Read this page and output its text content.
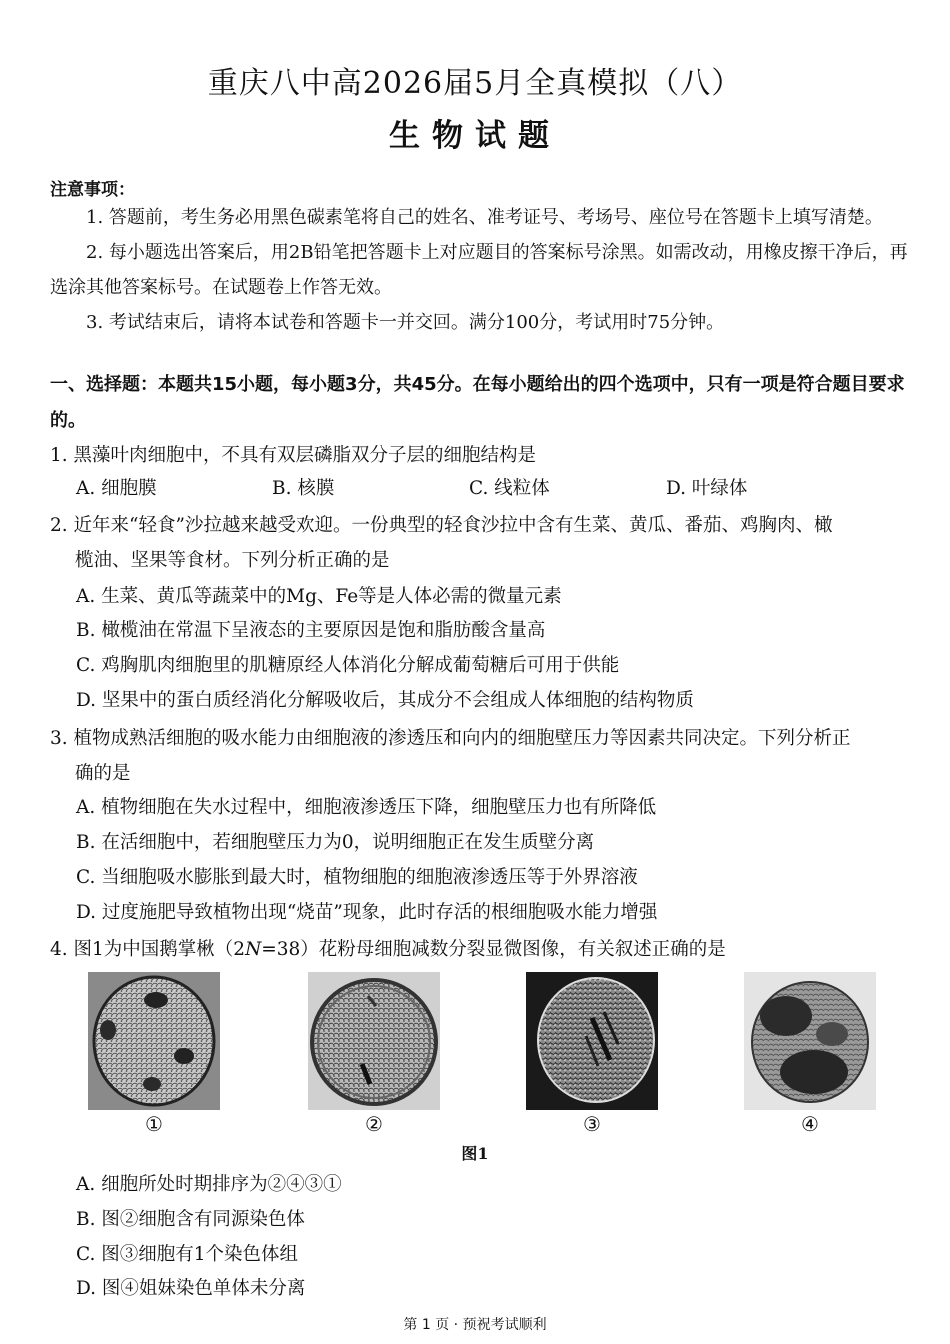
重庆八中高2026届5月全真模拟（八）
生物试题
注意事项：
1. 答题前，考生务必用黑色碳素笔将自己的姓名、准考证号、考场号、座位号在答题卡上填写清楚。
2. 每小题选出答案后，用2B铅笔把答题卡上对应题目的答案标号涂黑。如需改动，用橡皮擦干净后，再选涂其他答案标号。在试题卷上作答无效。
3. 考试结束后，请将本试卷和答题卡一并交回。满分100分，考试用时75分钟。
一、选择题：本题共15小题，每小题3分，共45分。在每小题给出的四个选项中，只有一项是符合题目要求的。
1. 黑藻叶肉细胞中，不具有双层磷脂双分子层的细胞结构是
A. 细胞膜	B. 核膜	C. 线粒体	D. 叶绿体
2. 近年来“轻食”沙拉越来越受欢迎。一份典型的轻食沙拉中含有生菜、黄瓜、番茄、鸡胸肉、橄
榄油、坚果等食材。下列分析正确的是
A. 生菜、黄瓜等蔬菜中的Mg、Fe等是人体必需的微量元素
B. 橄榄油在常温下呈液态的主要原因是饱和脂肪酸含量高
C. 鸡胸肌肉细胞里的肌糖原经人体消化分解成葡萄糖后可用于供能
D. 坚果中的蛋白质经消化分解吸收后，其成分不会组成人体细胞的结构物质
3. 植物成熟活细胞的吸水能力由细胞液的渗透压和向内的细胞壁压力等因素共同决定。下列分析正
确的是
A. 植物细胞在失水过程中，细胞液渗透压下降，细胞壁压力也有所降低
B. 在活细胞中，若细胞壁压力为0，说明细胞正在发生质壁分离
C. 当细胞吸水膨胀到最大时，植物细胞的细胞液渗透压等于外界溶液
D. 过度施肥导致植物出现“烧苗”现象，此时存活的根细胞吸水能力增强
4. 图1为中国鹅掌楸（2N=38）花粉母细胞减数分裂显微图像，有关叙述正确的是
①	②	③	④
图1
A. 细胞所处时期排序为②④③①
B. 图②细胞含有同源染色体
C. 图③细胞有1个染色体组
D. 图④姐妹染色单体未分离
第 1 页 · 预祝考试顺利
